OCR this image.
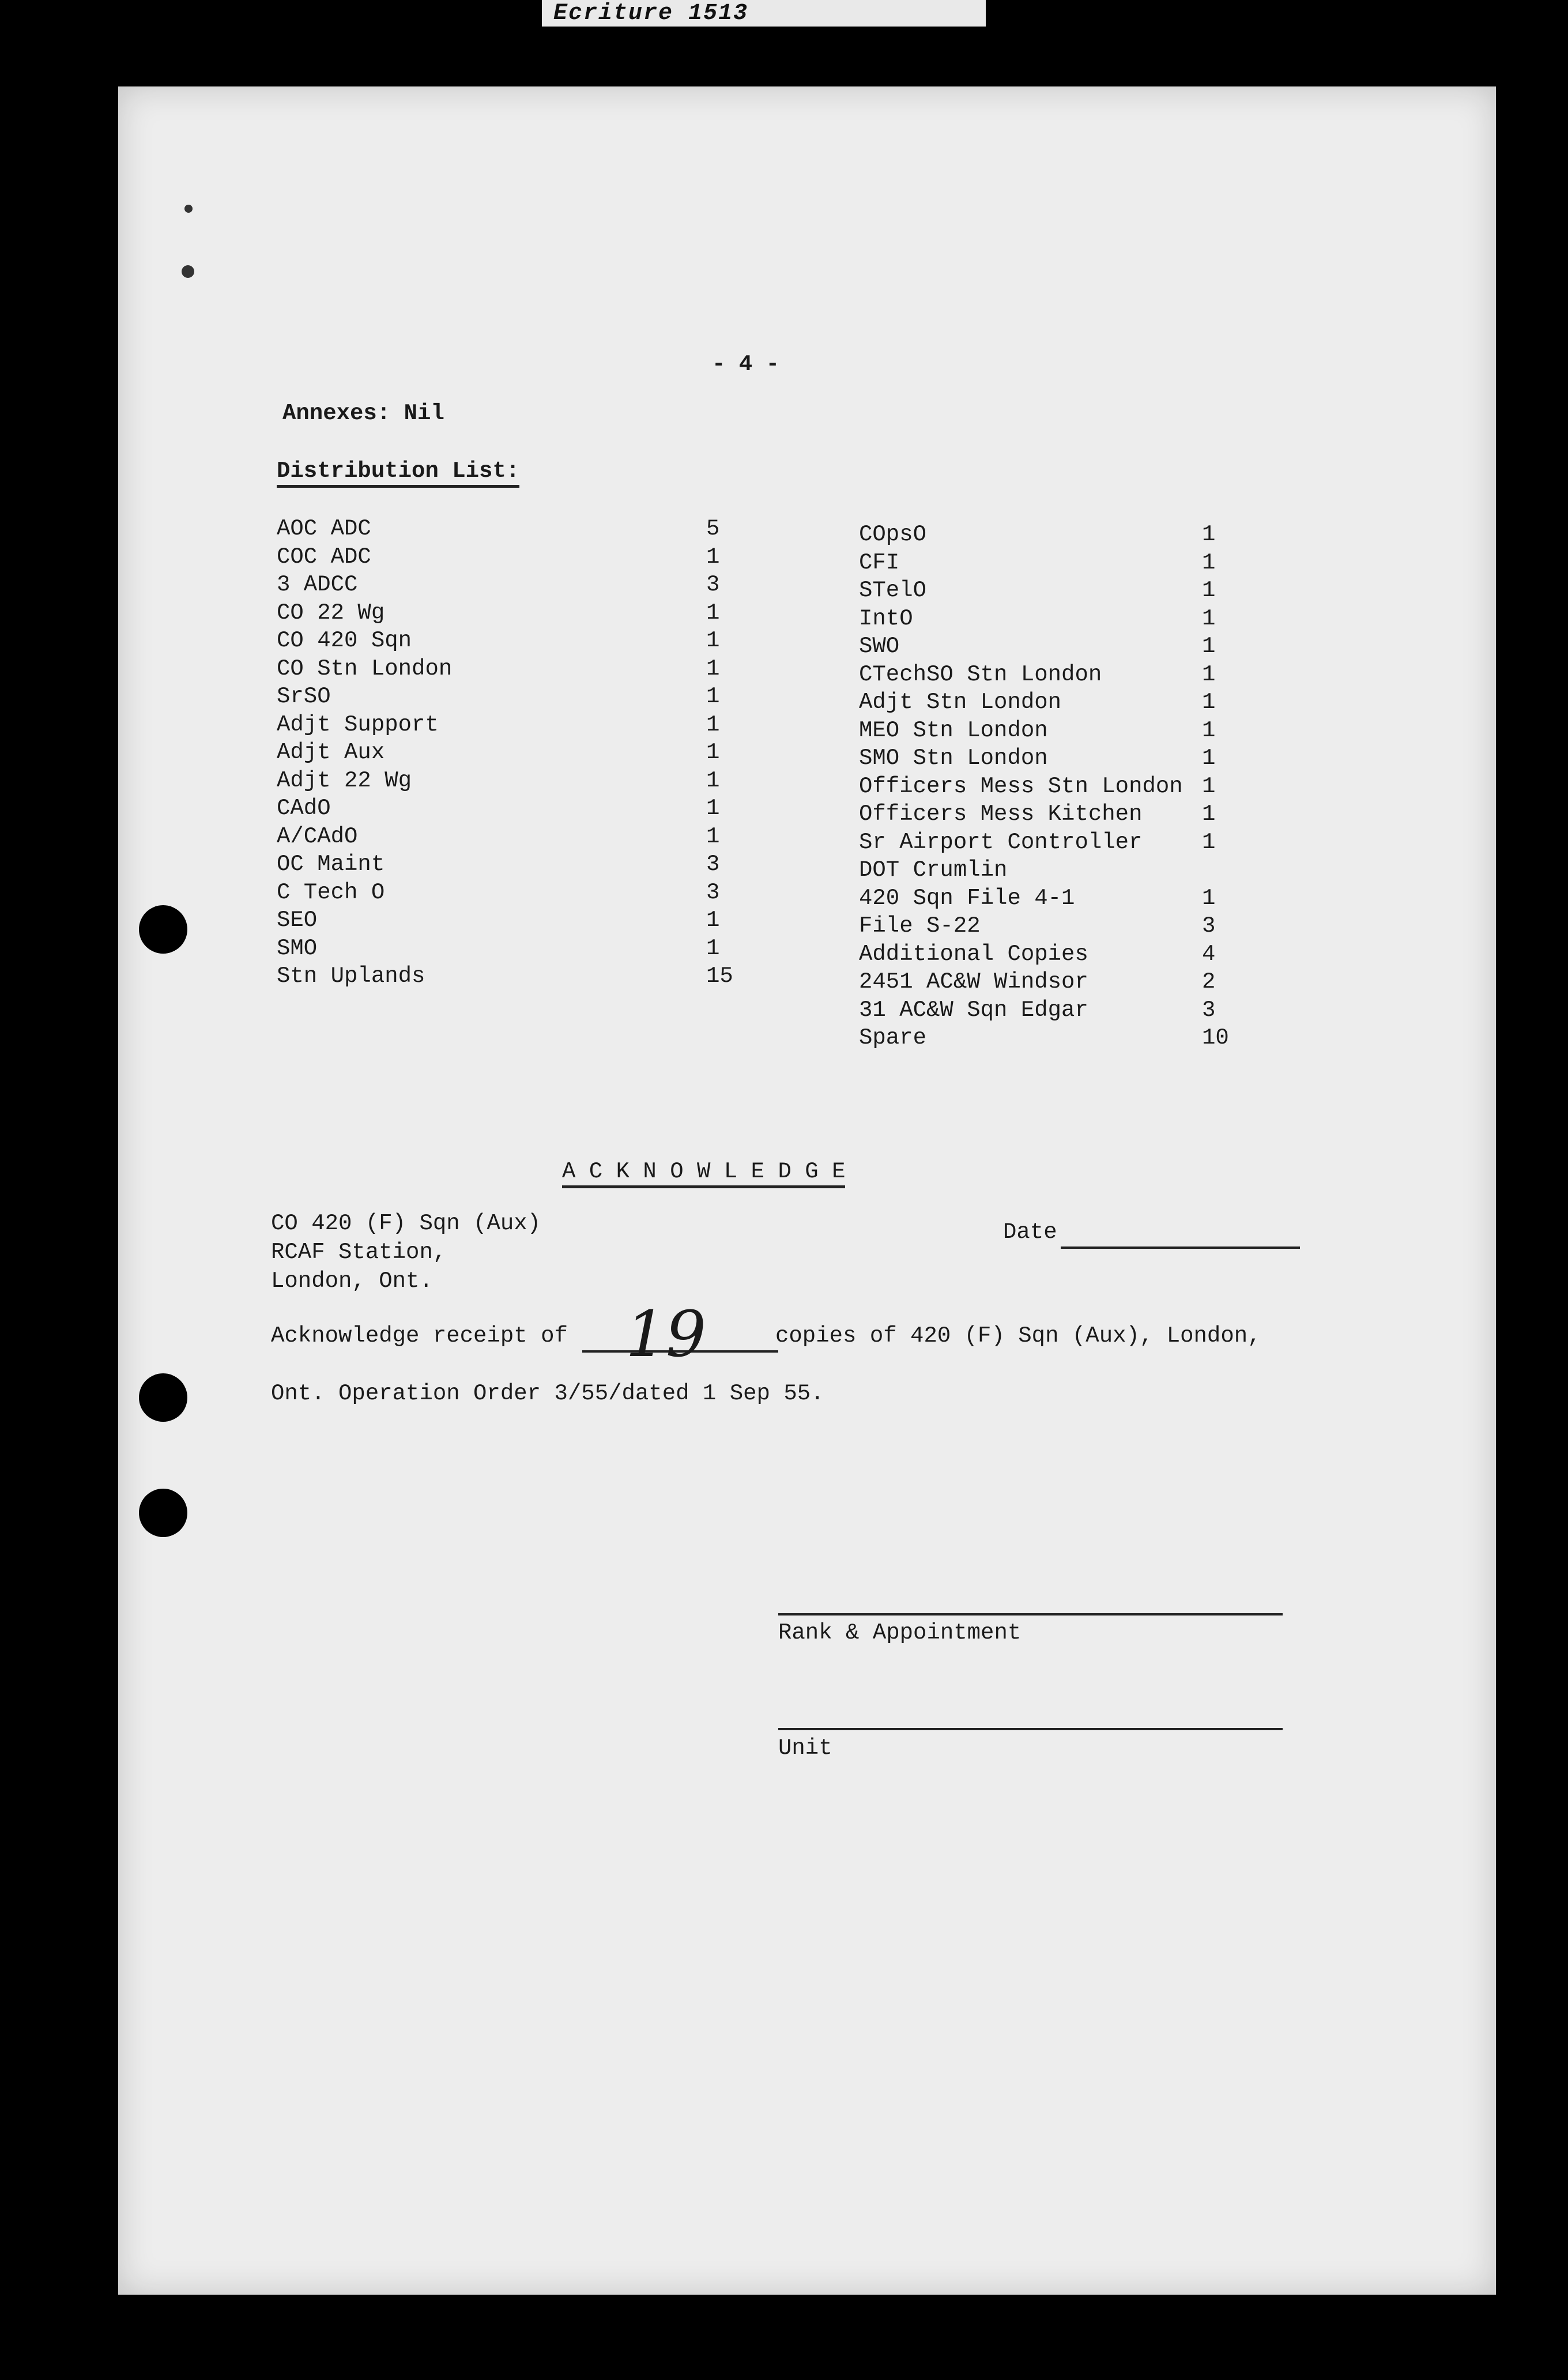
Ecriture 1513
- 4 -
Annexes: Nil
Distribution List:
AOC ADC	5
COC ADC	1
3 ADCC	3
CO 22 Wg	1
CO 420 Sqn	1
CO Stn London	1
SrSO	1
Adjt Support	1
Adjt Aux	1
Adjt 22 Wg	1
CAdO	1
A/CAdO	1
OC Maint	3
C Tech O	3
SEO	1
SMO	1
Stn Uplands	15
COpsO	1
CFI	1
STelO	1
IntO	1
SWO	1
CTechSO Stn London	1
Adjt Stn London	1
MEO Stn London	1
SMO Stn London	1
Officers Mess Stn London 1
Officers Mess Kitchen	1
Sr Airport Controller	1
DOT Crumlin
420 Sqn File 4-1	1
File S-22	3
Additional Copies	4
2451 AC&W Windsor	2
31 AC&W Sqn Edgar	3
Spare	10
A C K N O W L E D G E
CO 420 (F) Sqn (Aux)
RCAF Station,
London, Ont.
Date
Acknowledge receipt of 19	copies of 420 (F) Sqn (Aux), London,
Ont. Operation Order 3/55/dated 1 Sep 55.
Rank & Appointment
Unit
